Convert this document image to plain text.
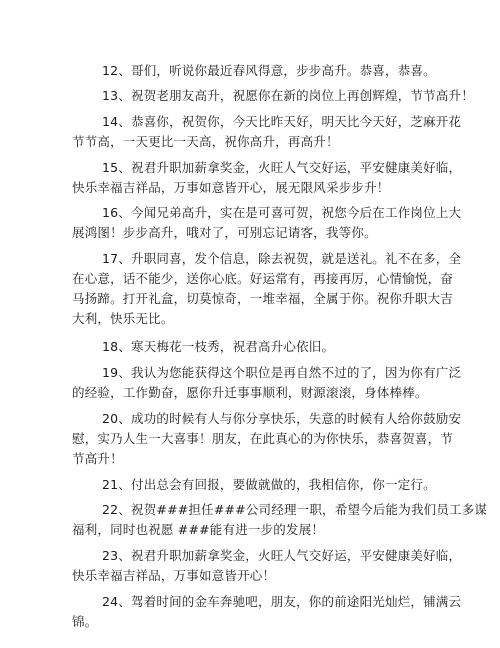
12、哥们，听说你最近春风得意，步步高升。恭喜，恭喜。
13、祝贺老朋友高升，祝愿你在新的岗位上再创辉煌，节节高升！
14、恭喜你，祝贺你，今天比昨天好，明天比今天好，芝麻开花
节节高，一天更比一天高，祝你高升，再高升！
15、祝君升职加薪拿奖金，火旺人气交好运，平安健康美好临，
快乐幸福吉祥品，万事如意皆开心，展无限风采步步升！
16、今闻兄弟高升，实在是可喜可贺，祝您今后在工作岗位上大
展鸿图！步步高升，哦对了，可别忘记请客，我等你。
17、升职同喜，发个信息，除去祝贺，就是送礼。礼不在多，全
在心意，话不能少，送你心底。好运常有，再接再厉，心情愉悦，奋
马扬蹄。打开礼盒，切莫惊奇，一堆幸福，全属于你。祝你升职大吉
大利，快乐无比。
18、寒天梅花一枝秀，祝君高升心依旧。
19、我认为您能获得这个职位是再自然不过的了，因为你有广泛
的经验，工作勤奋，愿你升迁事事顺利，财源滚滚，身体棒棒。
20、成功的时候有人与你分享快乐，失意的时候有人给你鼓励安
慰，实乃人生一大喜事！朋友，在此真心的为你快乐，恭喜贺喜，节
节高升！
21、付出总会有回报，要做就做的，我相信你，你一定行。
22、祝贺###担任###公司经理一职，希望今后能为我们员工多谋
福利，同时也祝愿 ###能有进一步的发展！
23、祝君升职加薪拿奖金，火旺人气交好运，平安健康美好临，
快乐幸福吉祥品，万事如意皆开心！
24、驾着时间的金车奔驰吧，朋友，你的前途阳光灿烂，铺满云
锦。
